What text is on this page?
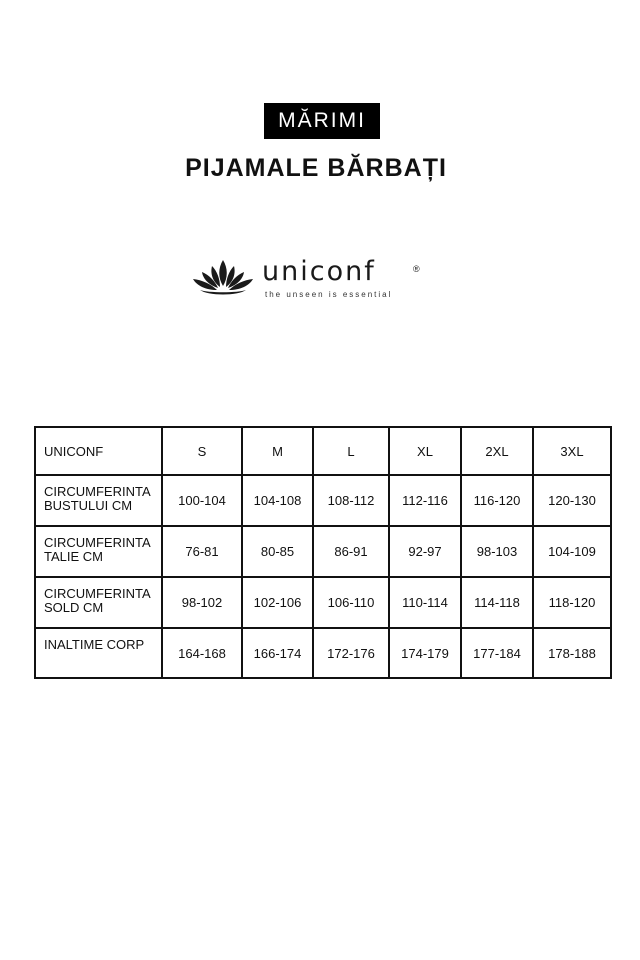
MĂRIMI
PIJAMALE BĂRBAȚI
uniconf	®
the unseen is essential
UNICONF	S	M	L	XL	2XL	3XL
CIRCUMFERINTA BUSTULUI CM	100-104	104-108	108-112	112-116	116-120	120-130
CIRCUMFERINTA TALIE CM	76-81	80-85	86-91	92-97	98-103	104-109
CIRCUMFERINTA SOLD CM	98-102	102-106	106-110	110-114	114-118	118-120
INALTIME CORP	164-168	166-174	172-176	174-179	177-184	178-188
